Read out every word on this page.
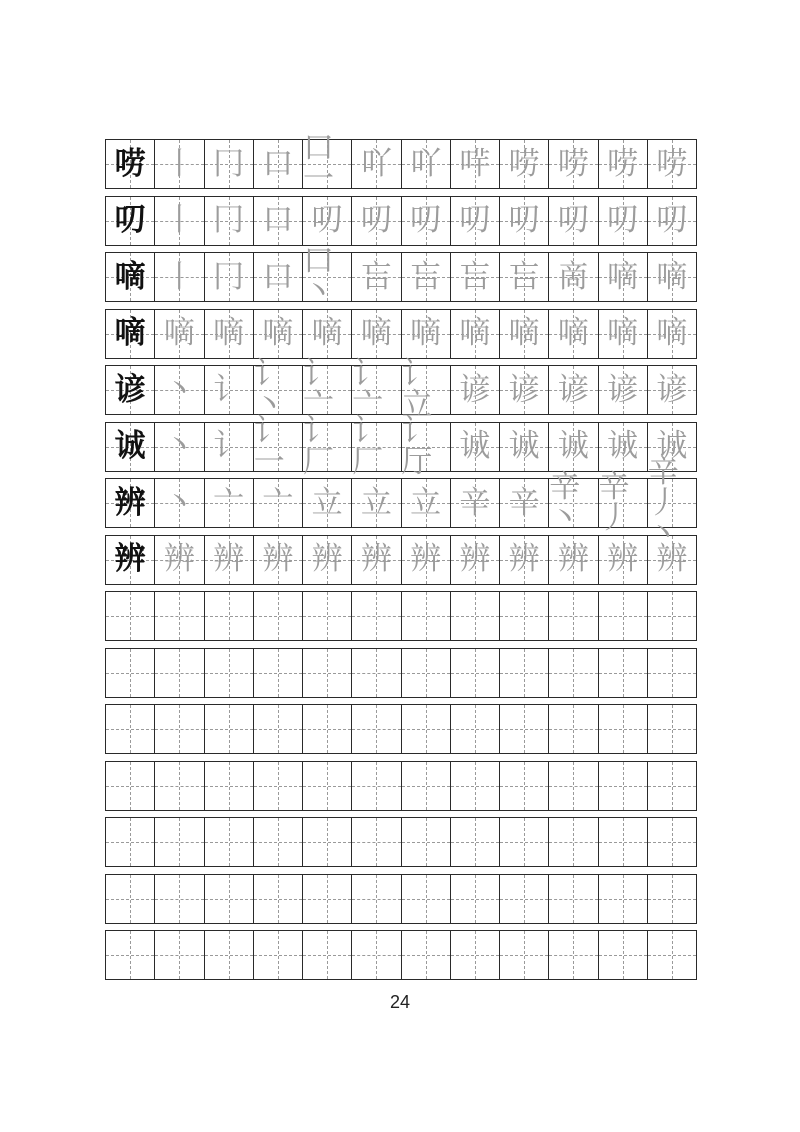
唠 丨 冂 口 口一 吖 吖 哶 唠 唠 唠 唠
叨 丨 冂 口 叨 叨 叨 叨 叨 叨 叨 叨
嘀 丨 冂 口 口丶 吂 吂 吂 吂 啇 嘀 嘀
嘀 嘀 嘀 嘀 嘀 嘀 嘀 嘀 嘀 嘀 嘀 嘀
谚 丶 讠 讠丶
讠亠
讠亠
讠立 谚 谚 谚 谚 谚
诚 丶 讠 讠一
讠厂
讠厂
讠厅 诚 诚 诚 诚 诚
辨 丶 亠 亠 立 立 立 辛 辛 辛丶
辛丿
辛丿丶
辨 辨 辨 辨 辨 辨 辨 辨 辨 辨 辨 辨
24
